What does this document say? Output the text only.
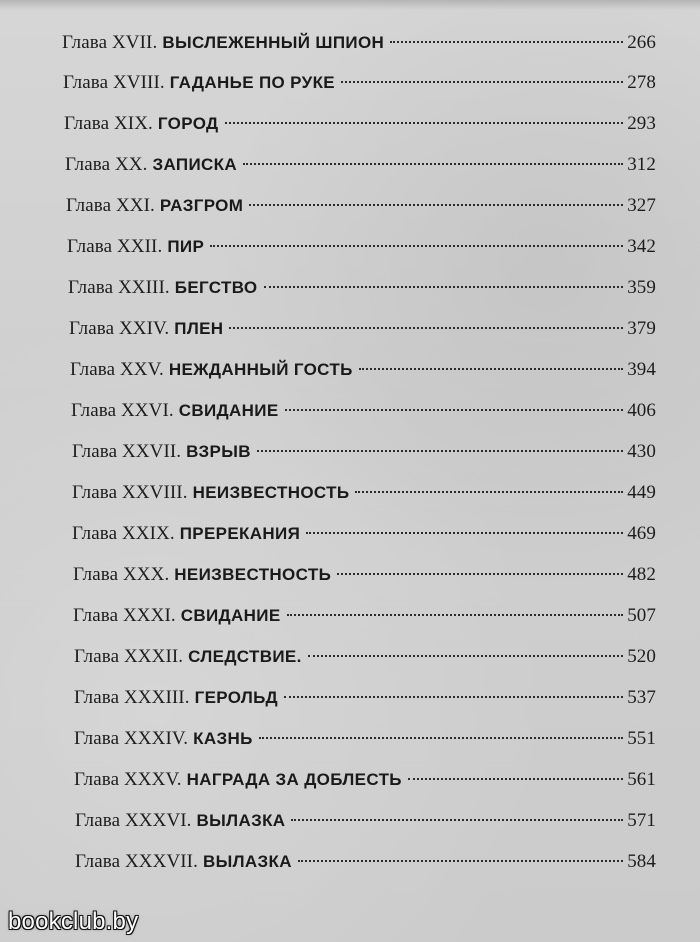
Глава XVII. ВЫСЛЕЖЕННЫЙ ШПИОН	266
Глава XVIII. ГАДАНЬЕ ПО РУКЕ	278
Глава XIX. ГОРОД	293
Глава XX. ЗАПИСКА	312
Глава XXI. РАЗГРОМ	327
Глава XXII. ПИР	342
Глава XXIII. БЕГСТВО	359
Глава XXIV. ПЛЕН	379
Глава XXV. НЕЖДАННЫЙ ГОСТЬ	394
Глава XXVI. СВИДАНИЕ	406
Глава XXVII. ВЗРЫВ	430
Глава XXVIII. НЕИЗВЕСТНОСТЬ	449
Глава XXIX. ПРЕРЕКАНИЯ	469
Глава XXX. НЕИЗВЕСТНОСТЬ	482
Глава XXXI. СВИДАНИЕ	507
Глава XXXII. СЛЕДСТВИЕ.	520
Глава XXXIII. ГЕРОЛЬД	537
Глава XXXIV. КАЗНЬ	551
Глава XXXV. НАГРАДА ЗА ДОБЛЕСТЬ	561
Глава XXXVI. ВЫЛАЗКА	571
Глава XXXVII. ВЫЛАЗКА	584
bookclub.by
